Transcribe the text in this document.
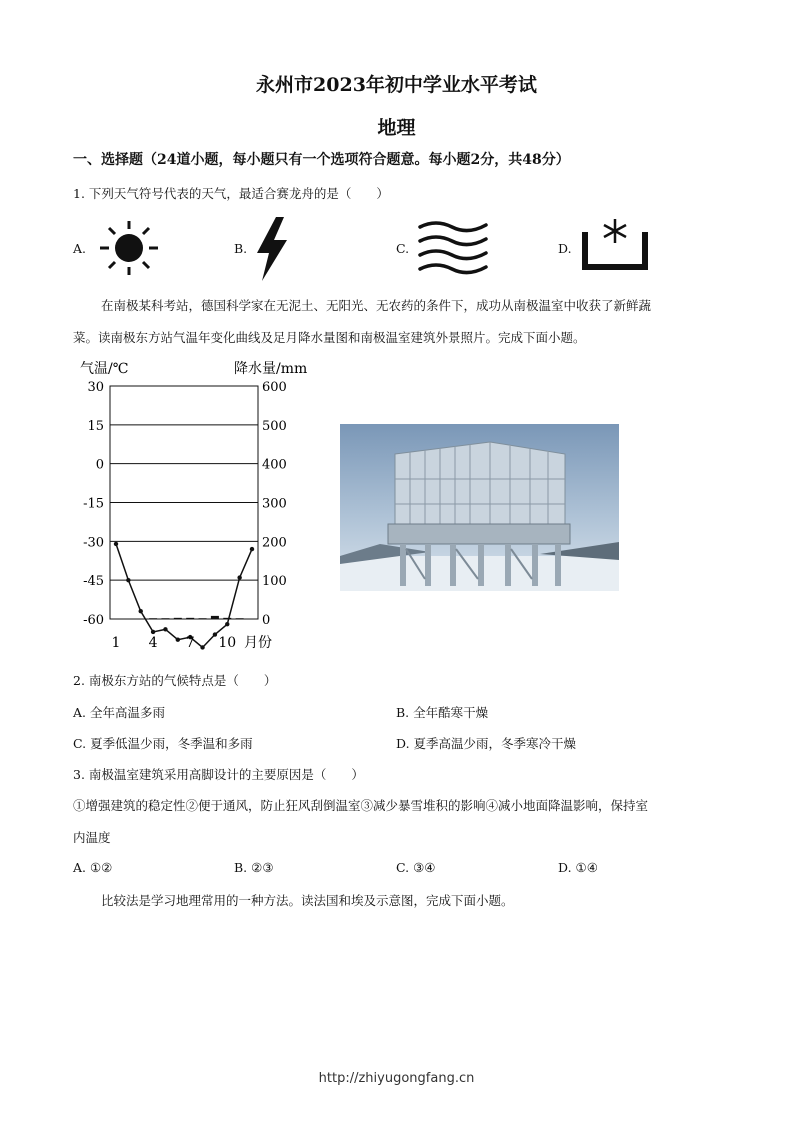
永州市2023年初中学业水平考试
地理
一、选择题（24道小题，每小题只有一个选项符合题意。每小题2分，共48分）
1. 下列天气符号代表的天气，最适合赛龙舟的是（　　）
A.	B.	C.	D.
在南极某科考站，德国科学家在无泥土、无阳光、无农药的条件下，成功从南极温室中收获了新鲜蔬
菜。读南极东方站气温年变化曲线及足月降水量图和南极温室建筑外景照片。完成下面小题。
气温/℃	降水量/mm
30
15
0
-15
-30
-45
-60
600
500
400
300
200
100
0
1 4 7 10 月份
2. 南极东方站的气候特点是（　　）
A. 全年高温多雨	B. 全年酷寒干燥
C. 夏季低温少雨，冬季温和多雨	D. 夏季高温少雨，冬季寒冷干燥
3. 南极温室建筑采用高脚设计的主要原因是（　　）
①增强建筑的稳定性②便于通风，防止狂风刮倒温室③减少暴雪堆积的影响④减小地面降温影响，保持室
内温度
A. ①②	B. ②③	C. ③④	D. ①④
比较法是学习地理常用的一种方法。读法国和埃及示意图，完成下面小题。
http://zhiyugongfang.cn
